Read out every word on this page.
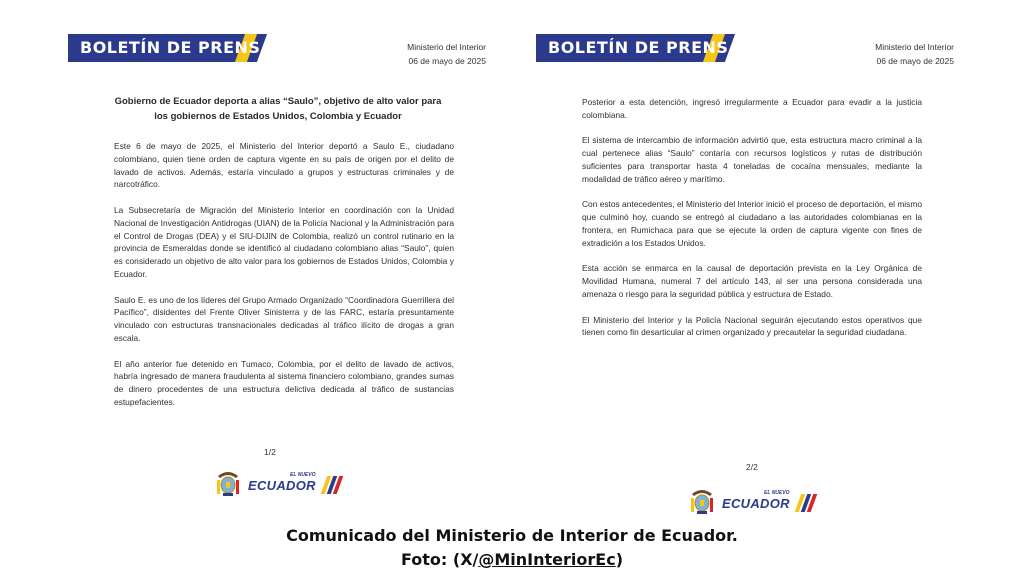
BOLETÍN DE PRENSA	Ministerio del Interior
06 de mayo de 2025
Gobierno de Ecuador deporta a alias “Saulo”, objetivo de alto valor para los gobiernos de Estados Unidos, Colombia y Ecuador

Este 6 de mayo de 2025, el Ministerio del Interior deportó a Saulo E., ciudadano colombiano, quien tiene orden de captura vigente en su país de origen por el delito de lavado de activos. Además, estaría vinculado a grupos y estructuras criminales y de narcotráfico.

La Subsecretaría de Migración del Ministerio Interior en coordinación con la Unidad Nacional de Investigación Antidrogas (UIAN) de la Policía Nacional y la Administración para el Control de Drogas (DEA) y el SIU-DIJIN de Colombia, realizó un control rutinario en la provincia de Esmeraldas donde se identificó al ciudadano colombiano alias “Saulo”, quien es considerado un objetivo de alto valor para los gobiernos de Estados Unidos, Colombia y Ecuador.

Saulo E. es uno de los líderes del Grupo Armado Organizado “Coordinadora Guerrillera del Pacífico”, disidentes del Frente Oliver Sinisterra y de las FARC, estaría presuntamente vinculado con estructuras transnacionales dedicadas al tráfico ilícito de drogas a gran escala.

El año anterior fue detenido en Tumaco, Colombia, por el delito de lavado de activos, habría ingresado de manera fraudulenta al sistema financiero colombiano, grandes sumas de dinero procedentes de una estructura delictiva dedicada al tráfico de sustancias estupefacientes.

1/2
EL NUEVO
ECUADOR
BOLETÍN DE PRENSA	Ministerio del Interior
06 de mayo de 2025

Posterior a esta detención, ingresó irregularmente a Ecuador para evadir a la justicia colombiana.

El sistema de intercambio de información advirtió que, esta estructura macro criminal a la cual pertenece alias “Saulo” contaría con recursos logísticos y rutas de distribución suficientes para transportar hasta 4 toneladas de cocaína mensuales, mediante la modalidad de tráfico aéreo y marítimo.

Con estos antecedentes, el Ministerio del Interior inició el proceso de deportación, el mismo que culminó hoy, cuando se entregó al ciudadano a las autoridades colombianas en la frontera, en Rumichaca para que se ejecute la orden de captura vigente con fines de extradición a los Estados Unidos.

Esta acción se enmarca en la causal de deportación prevista en la Ley Orgánica de Movilidad Humana, numeral 7 del artículo 143, al ser una persona considerada una amenaza o riesgo para la seguridad pública y estructura de Estado.

El Ministerio del Interior y la Policía Nacional seguirán ejecutando estos operativos que tienen como fin desarticular al crimen organizado y precautelar la seguridad ciudadana.

2/2
EL NUEVO
ECUADOR
Comunicado del Ministerio de Interior de Ecuador.
Foto: (X/@MinInteriorEc)
